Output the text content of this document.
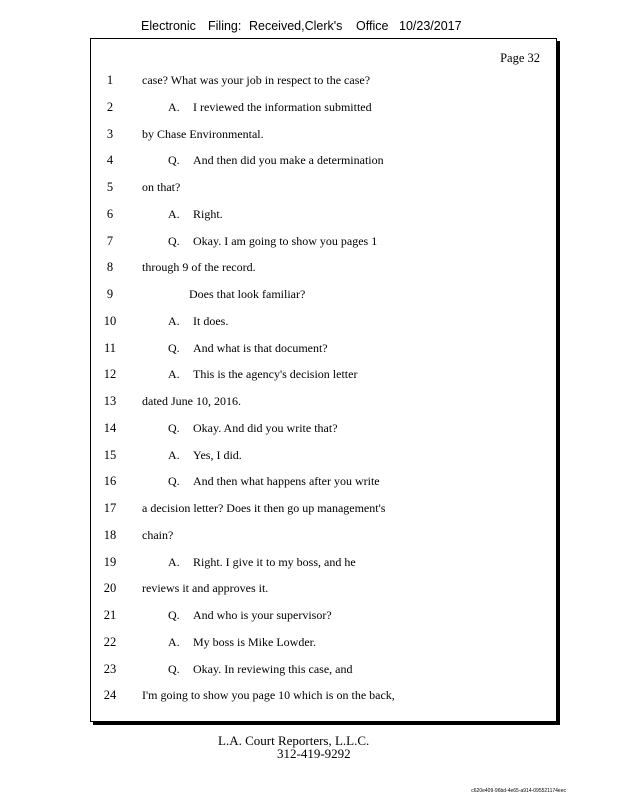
Electronic Filing: Received,Clerk's Office 10/23/2017
Page 32
1	case? What was your job in respect to the case?
2	A. I reviewed the information submitted
3	by Chase Environmental.
4	Q. And then did you make a determination
5	on that?
6	A. Right.
7	Q. Okay. I am going to show you pages 1
8	through 9 of the record.
9	Does that look familiar?
10	A. It does.
11	Q. And what is that document?
12	A. This is the agency's decision letter
13	dated June 10, 2016.
14	Q. Okay. And did you write that?
15	A. Yes, I did.
16	Q. And then what happens after you write
17	a decision letter? Does it then go up management's
18	chain?
19	A. Right. I give it to my boss, and he
20	reviews it and approves it.
21	Q. And who is your supervisor?
22	A. My boss is Mike Lowder.
23	Q. Okay. In reviewing this case, and
24	I'm going to show you page 10 which is on the back,
L.A. Court Reporters, L.L.C.
312-419-9292
c620e409-96bd-4e65-a914-095521174eec
